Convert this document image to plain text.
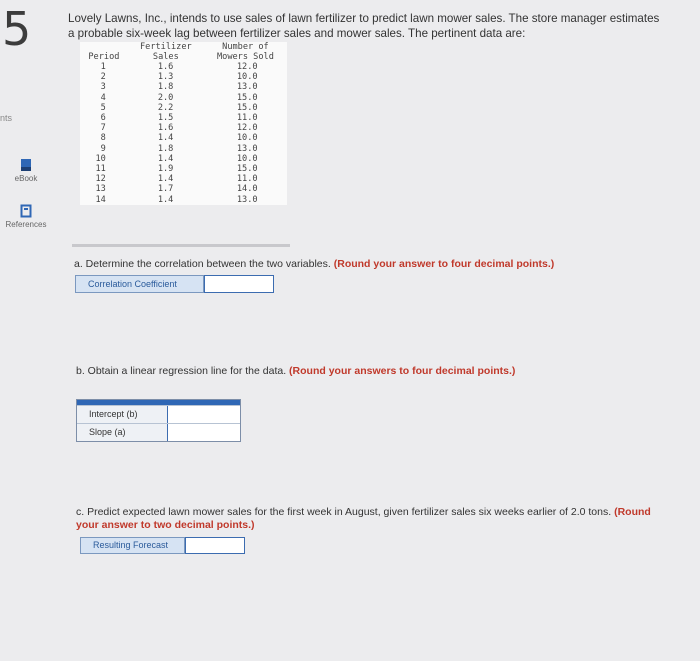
5
nts
eBook
References
Lovely Lawns, Inc., intends to use sales of lawn fertilizer to predict lawn mower sales. The store manager estimates a probable six-week lag between fertilizer sales and mower sales. The pertinent data are:
	Fertilizer	Number of
Period	Sales	Mowers Sold
1	1.6	12.0
2	1.3	10.0
3	1.8	13.0
4	2.0	15.0
5	2.2	15.0
6	1.5	11.0
7	1.6	12.0
8	1.4	10.0
9	1.8	13.0
10	1.4	10.0
11	1.9	15.0
12	1.4	11.0
13	1.7	14.0
14	1.4	13.0
a. Determine the correlation between the two variables. (Round your answer to four decimal points.)
Correlation Coefficient
b. Obtain a linear regression line for the data. (Round your answers to four decimal points.)
Intercept (b)
Slope (a)
c. Predict expected lawn mower sales for the first week in August, given fertilizer sales six weeks earlier of 2.0 tons. (Round your answer to two decimal points.)
Resulting Forecast
